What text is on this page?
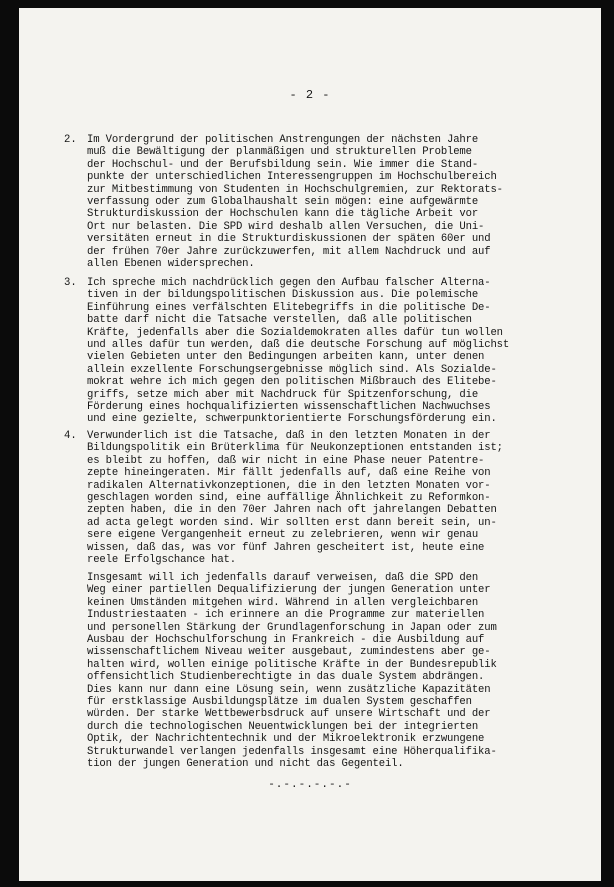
- 2 -
2. Im Vordergrund der politischen Anstrengungen der nächsten Jahre
muß die Bewältigung der planmäßigen und strukturellen Probleme
der Hochschul- und der Berufsbildung sein. Wie immer die Stand-
punkte der unterschiedlichen Interessengruppen im Hochschulbereich
zur Mitbestimmung von Studenten in Hochschulgremien, zur Rektorats-
verfassung oder zum Globalhaushalt sein mögen: eine aufgewärmte
Strukturdiskussion der Hochschulen kann die tägliche Arbeit vor
Ort nur belasten. Die SPD wird deshalb allen Versuchen, die Uni-
versitäten erneut in die Strukturdiskussionen der späten 60er und
der frühen 70er Jahre zurückzuwerfen, mit allem Nachdruck und auf
allen Ebenen widersprechen.

3. Ich spreche mich nachdrücklich gegen den Aufbau falscher Alterna-
tiven in der bildungspolitischen Diskussion aus. Die polemische
Einführung eines verfälschten Elitebegriffs in die politische De-
batte darf nicht die Tatsache verstellen, daß alle politischen
Kräfte, jedenfalls aber die Sozialdemokraten alles dafür tun wollen
und alles dafür tun werden, daß die deutsche Forschung auf möglichst
vielen Gebieten unter den Bedingungen arbeiten kann, unter denen
allein exzellente Forschungsergebnisse möglich sind. Als Sozialde-
mokrat wehre ich mich gegen den politischen Mißbrauch des Elitebe-
griffs, setze mich aber mit Nachdruck für Spitzenforschung, die
Förderung eines hochqualifizierten wissenschaftlichen Nachwuchses
und eine gezielte, schwerpunktorientierte Forschungsförderung ein.

4. Verwunderlich ist die Tatsache, daß in den letzten Monaten in der
Bildungspolitik ein Brüterklima für Neukonzeptionen entstanden ist;
es bleibt zu hoffen, daß wir nicht in eine Phase neuer Patentre-
zepte hineingeraten. Mir fällt jedenfalls auf, daß eine Reihe von
radikalen Alternativkonzeptionen, die in den letzten Monaten vor-
geschlagen worden sind, eine auffällige Ähnlichkeit zu Reformkon-
zepten haben, die in den 70er Jahren nach oft jahrelangen Debatten
ad acta gelegt worden sind. Wir sollten erst dann bereit sein, un-
sere eigene Vergangenheit erneut zu zelebrieren, wenn wir genau
wissen, daß das, was vor fünf Jahren gescheitert ist, heute eine
reele Erfolgschance hat.

Insgesamt will ich jedenfalls darauf verweisen, daß die SPD den
Weg einer partiellen Dequalifizierung der jungen Generation unter
keinen Umständen mitgehen wird. Während in allen vergleichbaren
Industriestaaten - ich erinnere an die Programme zur materiellen
und personellen Stärkung der Grundlagenforschung in Japan oder zum
Ausbau der Hochschulforschung in Frankreich - die Ausbildung auf
wissenschaftlichem Niveau weiter ausgebaut, zumindestens aber ge-
halten wird, wollen einige politische Kräfte in der Bundesrepublik
offensichtlich Studienberechtigte in das duale System abdrängen.
Dies kann nur dann eine Lösung sein, wenn zusätzliche Kapazitäten
für erstklassige Ausbildungsplätze im dualen System geschaffen
würden. Der starke Wettbewerbsdruck auf unsere Wirtschaft und der
durch die technologischen Neuentwicklungen bei der integrierten
Optik, der Nachrichtentechnik und der Mikroelektronik erzwungene
Strukturwandel verlangen jedenfalls insgesamt eine Höherqualifika-
tion der jungen Generation und nicht das Gegenteil.

-.-.-.-.-.-
